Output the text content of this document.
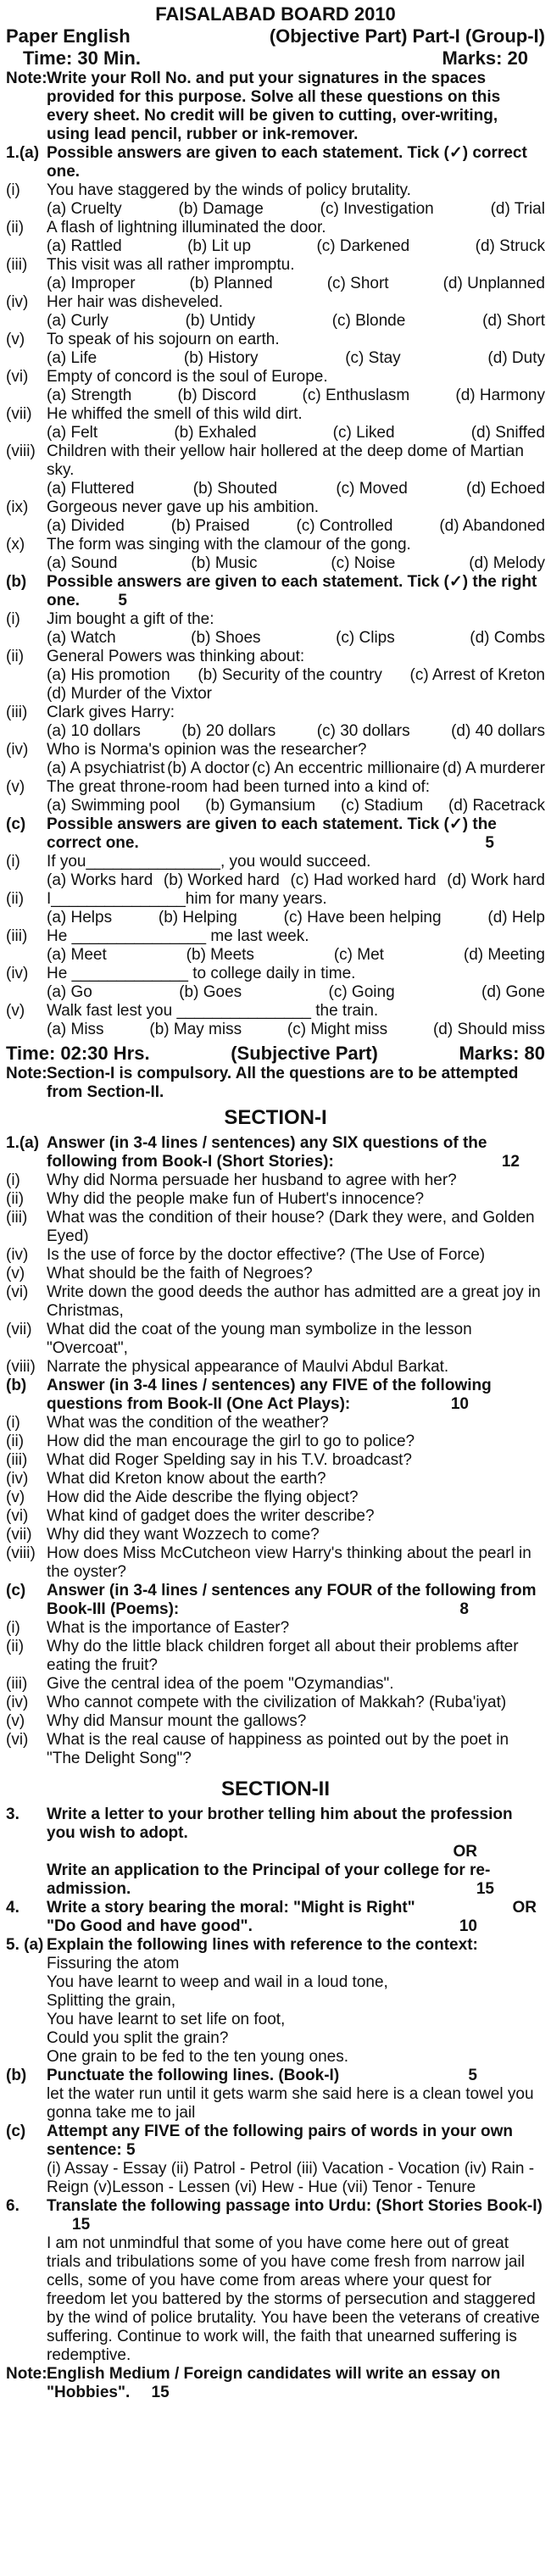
FAISALABAD BOARD 2010
Paper English	(Objective Part) Part-I (Group-I)
Time: 30 Min.	Marks: 20
Note: Write your Roll No. and put your signatures in the spaces provided for this purpose. Solve all these questions on this every sheet. No credit will be given to cutting, over-writing, using lead pencil, rubber or ink-remover.
1.(a) Possible answers are given to each statement. Tick (✓) correct one.
(i)	You have staggered by the winds of policy brutality.
(a) Cruelty	(b) Damage	(c) Investigation	(d) Trial
(ii)	A flash of lightning illuminated the door.
(a) Rattled	(b) Lit up	(c) Darkened	(d) Struck
(iii)	This visit was all rather impromptu.
(a) Improper	(b) Planned	(c) Short	(d) Unplanned
(iv)	Her hair was disheveled.
(a) Curly	(b) Untidy	(c) Blonde	(d) Short
(v)	To speak of his sojourn on earth.
(a) Life	(b) History	(c) Stay	(d) Duty
(vi)	Empty of concord is the soul of Europe.
(a) Strength	(b) Discord	(c) Enthuslasm	(d) Harmony
(vii) He whiffed the smell of this wild dirt.
(a) Felt	(b) Exhaled	(c) Liked	(d) Sniffed
(viii) Children with their yellow hair hollered at the deep dome of Martian sky.
(a) Fluttered	(b) Shouted	(c) Moved	(d) Echoed
(ix)	Gorgeous never gave up his ambition.
(a) Divided	(b) Praised	(c) Controlled	(d) Abandoned
(x)	The form was singing with the clamour of the gong.
(a) Sound	(b) Music	(c) Noise	(d) Melody
(b)	Possible answers are given to each statement. Tick (✓) the right one. 5
(i)	Jim bought a gift of the:
(a) Watch	(b) Shoes	(c) Clips	(d) Combs
(ii)	General Powers was thinking about:
(a) His promotion (b) Security of the country (c) Arrest of Kreton
(d) Murder of the Vixtor
(iii)	Clark gives Harry:
(a) 10 dollars	(b) 20 dollars	(c) 30 dollars	(d) 40 dollars
(iv)	Who is Norma's opinion was the researcher?
(a) A psychiatrist (b) A doctor (c) An eccentric millionaire (d) A murderer
(v)	The great throne-room had been turned into a kind of:
(a) Swimming pool (b) Gymansium (c) Stadium (d) Racetrack
(c)	Possible answers are given to each statement. Tick (✓) the correct one.	5
(i)	If you_______________, you would succeed.
(a) Works hard (b) Worked hard (c) Had worked hard (d) Work hard
(ii)	I_______________him for many years.
(a) Helps	(b) Helping	(c) Have been helping	(d) Help
(iii)	He _______________ me last week.
(a) Meet	(b) Meets	(c) Met	(d) Meeting
(iv)	He _____________ to college daily in time.
(a) Go	(b) Goes	(c) Going	(d) Gone
(v)	Walk fast lest you _______________ the train.
(a) Miss	(b) May miss	(c) Might miss	(d) Should miss
Time: 02:30 Hrs.	(Subjective Part)	Marks: 80
Note: Section-I is compulsory. All the questions are to be attempted from Section-II.
SECTION-I
1.(a) Answer (in 3-4 lines / sentences) any SIX questions of the following from Book-I (Short Stories):	12
(i)	Why did Norma persuade her husband to agree with her?
(ii)	Why did the people make fun of Hubert's innocence?
(iii)	What was the condition of their house? (Dark they were, and Golden Eyed)
(iv)	Is the use of force by the doctor effective? (The Use of Force)
(v)	What should be the faith of Negroes?
(vi)	Write down the good deeds the author has admitted are a great joy in Christmas,
(vii) What did the coat of the young man symbolize in the lesson "Overcoat",
(viii) Narrate the physical appearance of Maulvi Abdul Barkat.
(b)	Answer (in 3-4 lines / sentences) any FIVE of the following questions from Book-II (One Act Plays):	10
(i)	What was the condition of the weather?
(ii)	How did the man encourage the girl to go to police?
(iii)	What did Roger Spelding say in his T.V. broadcast?
(iv)	What did Kreton know about the earth?
(v)	How did the Aide describe the flying object?
(vi)	What kind of gadget does the writer describe?
(vii) Why did they want Wozzech to come?
(viii) How does Miss McCutcheon view Harry's thinking about the pearl in the oyster?
(c)	Answer (in 3-4 lines / sentences any FOUR of the following from Book-III (Poems):	8
(i)	What is the importance of Easter?
(ii)	Why do the little black children forget all about their problems after eating the fruit?
(iii)	Give the central idea of the poem "Ozymandias".
(iv)	Who cannot compete with the civilization of Makkah? (Ruba'iyat)
(v)	Why did Mansur mount the gallows?
(vi)	What is the real cause of happiness as pointed out by the poet in "The Delight Song"?
SECTION-II
3.	Write a letter to your brother telling him about the profession you wish to adopt.
OR
Write an application to the Principal of your college for re-admission.	15
4.	Write a story bearing the moral: "Might is Right"	OR
"Do Good and have good".	10
5. (a) Explain the following lines with reference to the context:
Fissuring the atom
You have learnt to weep and wail in a loud tone,
Splitting the grain,
You have learnt to set life on foot,
Could you split the grain?
One grain to be fed to the ten young ones.
(b)	Punctuate the following lines. (Book-I)	5
let the water run until it gets warm she said here is a clean towel you gonna take me to jail
(c)	Attempt any FIVE of the following pairs of words in your own sentence: 5
(i) Assay - Essay (ii) Patrol - Petrol (iii) Vacation - Vocation (iv) Rain -Reign (v)Lesson - Lessen (vi) Hew - Hue (vii) Tenor - Tenure
6.	Translate the following passage into Urdu: (Short Stories Book-I) 15
I am not unmindful that some of you have come here out of great trials and tribulations some of you have come fresh from narrow jail cells, some of you have come from areas where your quest for freedom let you battered by the storms of persecution and staggered by the wind of police brutality. You have been the veterans of creative suffering. Continue to work will, the faith that unearned suffering is redemptive.
Note: English Medium / Foreign candidates will write an essay on "Hobbies". 15
